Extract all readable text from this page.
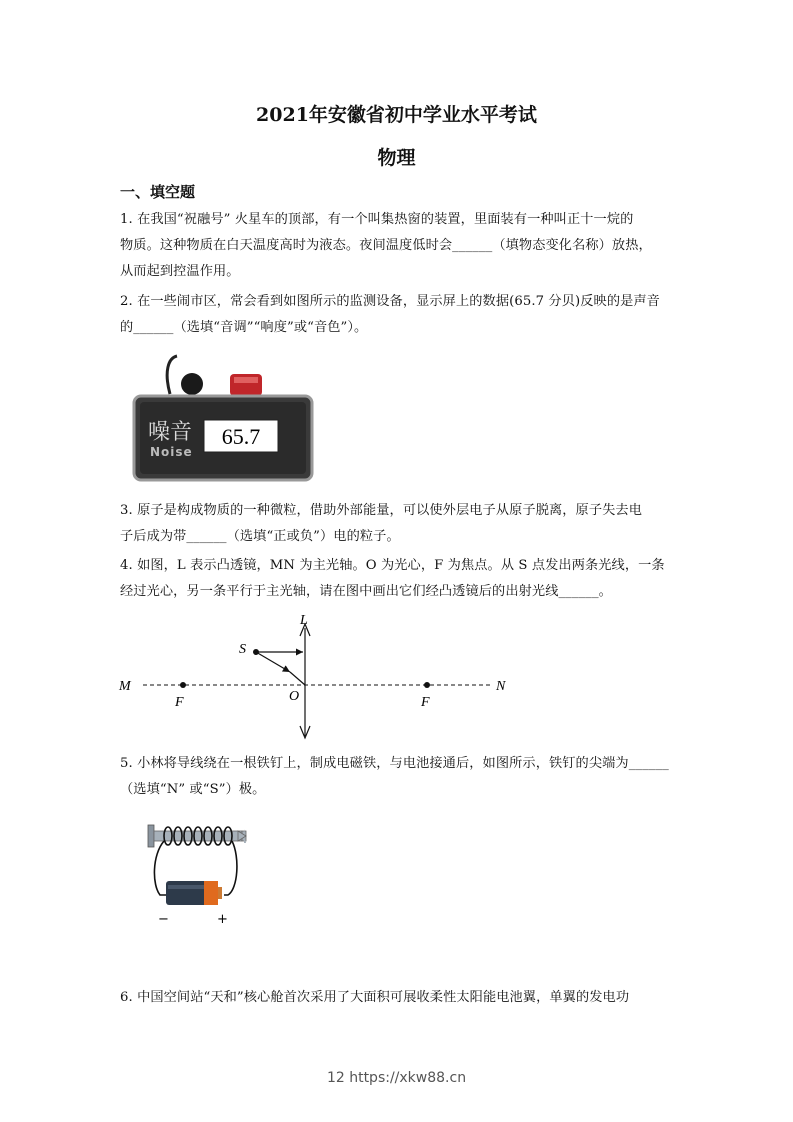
2021年安徽省初中学业水平考试
物理
一、填空题
1. 在我国“祝融号” 火星车的顶部，有一个叫集热窗的装置，里面装有一种叫正十一烷的
物质。这种物质在白天温度高时为液态。夜间温度低时会______（填物态变化名称）放热，
从而起到控温作用。
2. 在一些闹市区，常会看到如图所示的监测设备，显示屏上的数据(65.7 分贝)反映的是声音
的______（选填“音调”“响度”或“音色”）。
噪音
Noise
65.7
3. 原子是构成物质的一种微粒，借助外部能量，可以使外层电子从原子脱离，原子失去电
子后成为带______（选填“正或负”）电的粒子。
4. 如图，L 表示凸透镜，MN 为主光轴。O 为光心，F 为焦点。从 S 点发出两条光线，一条
经过光心，另一条平行于主光轴，请在图中画出它们经凸透镜后的出射光线______。
L
S
M	N
O
F	F
5. 小林将导线绕在一根铁钉上，制成电磁铁，与电池接通后，如图所示，铁钉的尖端为______
（选填“N” 或“S”）极。
−	+
6. 中国空间站“天和”核心舱首次采用了大面积可展收柔性太阳能电池翼，单翼的发电功
12 https://xkw88.cn
